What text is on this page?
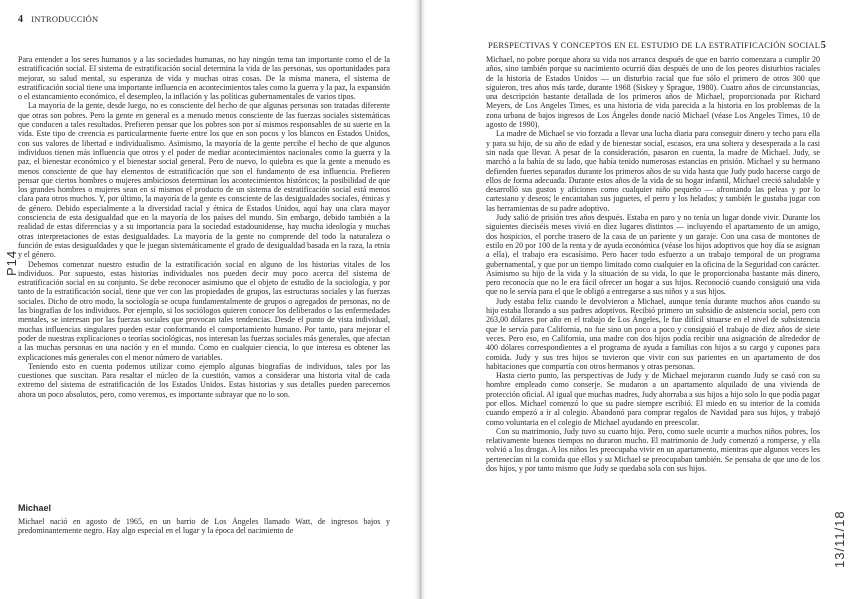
4 INTRODUCCIÓN

Para entender a los seres humanos y a las sociedades humanas, no hay ningún tema tan importante como el de la estratificación social. El sistema de estratificación social determina la vida de las personas, sus oportunidades para mejorar, su salud mental, su esperanza de vida y muchas otras cosas. De la misma manera, el sistema de estratificación social tiene una importante influencia en acontecimientos tales como la guerra y la paz, la expansión o el estancamiento económico, el desempleo, la inflación y las políticas gubernamentales de varios tipos.

La mayoría de la gente, desde luego, no es consciente del hecho de que algunas personas son tratadas diferente que otras son pobres. Pero la gente en general es a menudo menos consciente de las fuerzas sociales sistemáticas que conducen a tales resultados. Prefieren pensar que los pobres son por sí mismos responsables de su suerte en la vida. Este tipo de creencia es particularmente fuerte entre los que en son pocos y los blancos en Estados Unidos, con sus valores de libertad e individualismo. Asimismo, la mayoría de la gente percibe el hecho de que algunos individuos tienen más influencia que otros y el poder de mediar acontecimientos nacionales como la guerra y la paz, el bienestar económico y el bienestar social general. Pero de nuevo, lo quiebra es que la gente a menudo es menos consciente de que hay elementos de estratificación que son el fundamento de esa influencia. Prefieren pensar que ciertos hombres o mujeres ambiciosos determinan los acontecimientos históricos; la posibilidad de que los grandes hombres o mujeres sean en sí mismos el producto de un sistema de estratificación social está menos clara para otros muchos. Y, por último, la mayoría de la gente es consciente de las desigualdades sociales, étnicas y de género. Debido especialmente a la diversidad racial y étnica de Estados Unidos, aquí hay una clara mayor consciencia de esta desigualdad que en la mayoría de los países del mundo. Sin embargo, debido también a la realidad de estas diferencias y a su importancia para la sociedad estadounidense, hay mucha ideología y muchas otras interpretaciones de estas desigualdades. La mayoría de la gente no comprende del todo la naturaleza o función de estas desigualdades y que le juegan sistemáticamente el grado de desigualdad basada en la raza, la etnia y el género.

Debemos comenzar nuestro estudio de la estratificación social en alguno de los historias vitales de los individuos. Por supuesto, estas historias individuales nos pueden decir muy poco acerca del sistema de estratificación social en su conjunto. Se debe reconocer asimismo que el objeto de estudio de la sociología, y por tanto de la estratificación social, tiene que ver con las propiedades de grupos, las estructuras sociales y las fuerzas sociales. Dicho de otro modo, la sociología se ocupa fundamentalmente de grupos o agregados de personas, no de las biografías de los individuos. Por ejemplo, si los sociólogos quieren conocer los deliberados o las enfermedades mentales, se interesan por las fuerzas sociales que provocan tales tendencias. Desde el punto de vista individual, muchas influencias singulares pueden estar conformando el comportamiento humano. Por tanto, para mejorar el poder de nuestras explicaciones o teorías sociológicas, nos interesan las fuerzas sociales más generales, que afectan a las muchas personas en una nación y en el mundo. Como en cualquier ciencia, lo que interesa es obtener las explicaciones más generales con el menor número de variables.

Teniendo esto en cuenta podemos utilizar como ejemplo algunas biografías de individuos, tales por las cuestiones que suscitan. Para resaltar el núcleo de la cuestión, vamos a considerar una historia vital de cada extremo del sistema de estratificación de los Estados Unidos. Estas historias y sus detalles pueden parecernos ahora un poco absolutos, pero, como veremos, es importante subrayar que no lo son.

Michael

Michael nació en agosto de 1965, en un barrio de Los Ángeles llamado Watt, de ingresos bajos y predominantemente negro. Hay algo especial en el lugar y la época del nacimiento de

PERSPECTIVAS Y CONCEPTOS EN EL ESTUDIO DE LA ESTRATIFICACIÓN SOCIAL 5

Michael, no pobre porque ahora su vida nos arranca después de que en barrio comenzara a cumplir 20 años, sino también porque su nacimiento ocurrió días después de uno de los peores disturbios raciales de la historia de Estados Unidos — un disturbio racial que fue sólo el primero de otros 300 que siguieron, tres años más tarde, durante 1968 (Siskey y Sprague, 1980). Cuatro años de circunstancias, una descripción bastante detallada de los primeros años de Michael, proporcionada por Richard Meyers, de Los Angeles Times, es una historia de vida parecida a la historia en los problemas de la zona urbana de bajos ingresos de Los Ángeles donde nació Michael (véase Los Angeles Times, 10 de agosto de 1990).

La madre de Michael se vio forzada a llevar una lucha diaria para conseguir dinero y techo para ella y para su hijo, de su año de edad y de bienestar social, escasos, era una soltera y desesperada a la casi sin nada que llevar. A pesar de la consideración, pasaron en cuenta, la madre de Michael. Judy, se marchó a la bahía de su lado, que había tenido numerosas estancias en prisión. Michael y su hermano defienden fuertes separados durante los primeros años de su vida hasta que Judy pudo hacerse cargo de ellos de forma adecuada. Durante estos años de la vida de su hogar infantil, Michael creció saludable y desarrolló sus gustos y aficiones como cualquier niño pequeño — afrontando las peleas y por lo cartesiano y deseos; le encantaban sus juguetes, el perro y los helados; y también le gustaba jugar con las herramientas de su padre adoptivo.

Judy salió de prisión tres años después. Estaba en paro y no tenía un lugar donde vivir. Durante los siguientes dieciséis meses vivió en diez lugares distintos — incluyendo el apartamento de un amigo, dos hospicios, el porche trasero de la casa de un pariente y un garaje. Con una casa de montones de estilo en 20 por 100 de la renta y de ayuda económica (véase los hijos adoptivos que hoy día se asignan a ella), el trabajo era escasísimo. Pero hacer todo esfuerzo a un trabajo temporal de un programa gubernamental, y que por un tiempo limitado como cualquier en la oficina de la Seguridad con carácter. Asimismo su hijo de la vida y la situación de su vida, lo que le proporcionaba bastante más dinero, pero reconocía que no le era fácil ofrecer un hogar a sus hijos. Reconoció cuando consiguió una vida que no le servía para el que le obligó a entregarse a sus niños y a sus hijos.

Judy estaba feliz cuando le devolvieron a Michael, aunque tenía durante muchos años cuando su hijo estaba llorando a sus padres adoptivos. Recibió primero un subsidio de asistencia social, pero con 263,00 dólares por año en el trabajo de Los Ángeles, le fue difícil situarse en el nivel de subsistencia que le servía para California, no fue sino un poco a poco y consiguió el trabajo de diez años de siete veces. Pero eso, en California, una madre con dos hijos podía recibir una asignación de alrededor de 400 dólares correspondientes a el programa de ayuda a familias con hijos a su cargo y cupones para comida. Judy y sus tres hijos se tuvieron que vivir con sus parientes en un apartamento de dos habitaciones que compartía con otros hermanos y otras personas.

Hasta cierto punto, las perspectivas de Judy y de Michael mejoraron cuando Judy se casó con su hombre empleado como conserje. Se mudaron a un apartamento alquilado de una vivienda de protección oficial. Al igual que muchas madres, Judy ahorraba a sus hijos a hijo solo lo que podía pagar por ellos. Michael comenzó lo que su padre siempre escribió. El miedo en su interior de la comida cuando empezó a ir al colegio. Abandonó para comprar regalos de Navidad para sus hijos, y trabajó como voluntaria en el colegio de Michael ayudando en preescolar.

Con su matrimonio, Judy tuvo su cuarto hijo. Pero, como suele ocurrir a muchos niños pobres, los relativamente buenos tiempos no duraron mucho. El matrimonio de Judy comenzó a romperse, y ella volvió a los drogas. A los niños les preocupaba vivir en un apartamento, mientras que algunos veces les pertenecían ni la comida que ellos y su Michael se preocupaban también. Se pensaba de que uno de los dos hijos, y por tanto mismo que Judy se quedaba sola con sus hijos.

P14
13/11/18
